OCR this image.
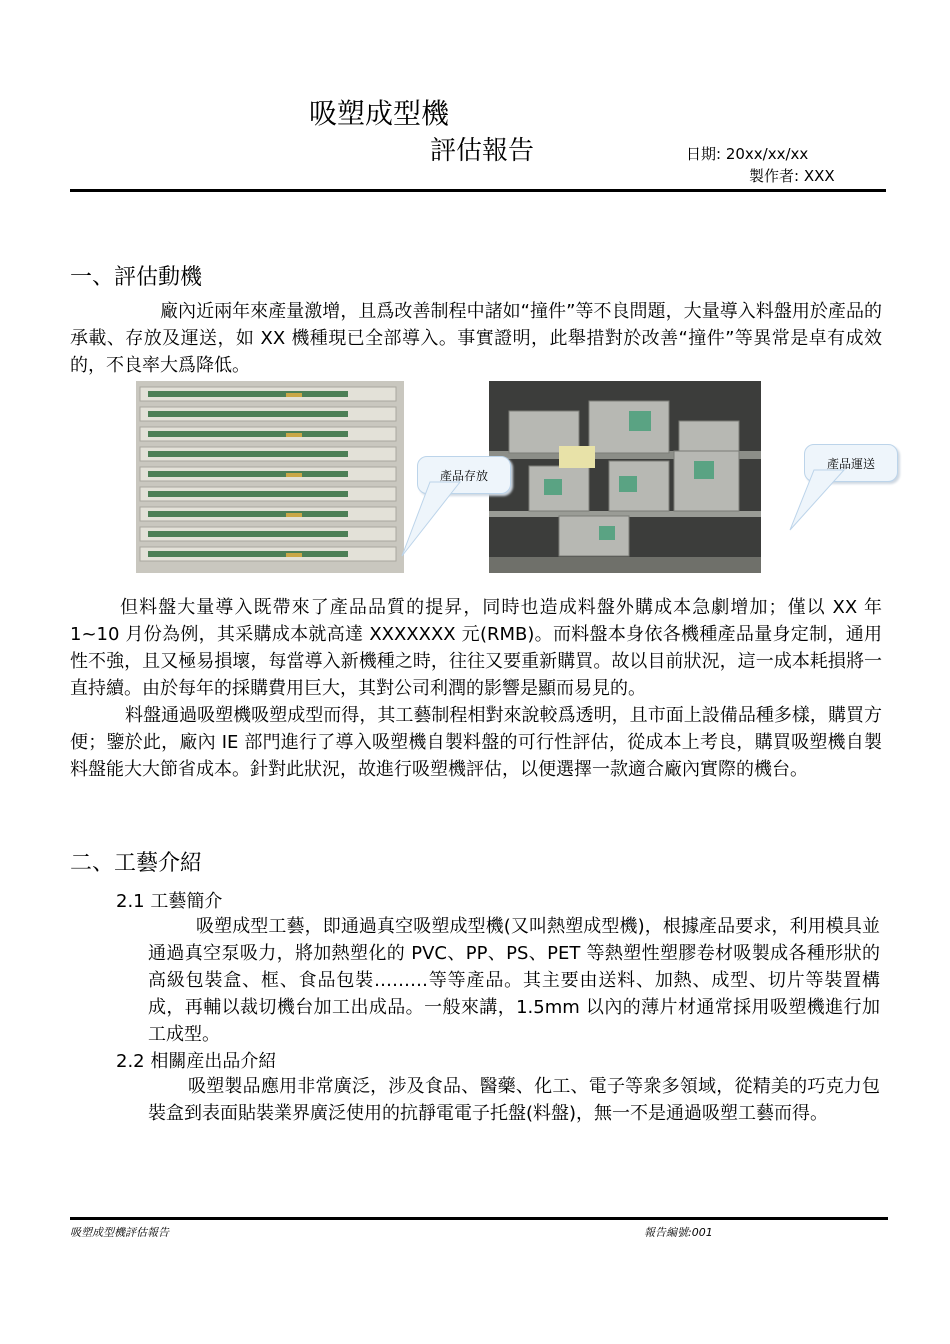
吸塑成型機
評估報告	日期: 20xx/xx/xx
製作者: XXX
一、評估動機

廠內近兩年來產量激增，且爲改善制程中諸如“撞件”等不良問題，大量導入料盤用於產品的承載、存放及運送，如 XX 機種現已全部導入。事實證明，此舉措對於改善“撞件”等異常是卓有成效的，不良率大爲降低。

產品存放
產品運送

但料盤大量導入既帶來了產品品質的提昇，同時也造成料盤外購成本急劇增加；僅以 XX 年 1~10 月份為例，其采購成本就高達 XXXXXXX 元(RMB)。而料盤本身依各機種產品量身定制，通用性不強，且又極易損壞，每當導入新機種之時，往往又要重新購買。故以目前狀況，這一成本耗損將一直持續。由於每年的採購費用巨大，其對公司利潤的影響是顯而易見的。

料盤通過吸塑機吸塑成型而得，其工藝制程相對來說較爲透明，且市面上設備品種多樣，購買方便；鑒於此，廠內 IE 部門進行了導入吸塑機自製料盤的可行性評估，從成本上考良，購買吸塑機自製料盤能大大節省成本。針對此狀況，故進行吸塑機評估，以便選擇一款適合廠內實際的機台。

二、工藝介紹
2.1 工藝簡介

吸塑成型工藝，即通過真空吸塑成型機(又叫熱塑成型機)，根據產品要求，利用模具並通過真空泵吸力，將加熱塑化的 PVC、PP、PS、PET 等熱塑性塑膠卷材吸製成各種形狀的高級包裝盒、框、食品包裝………等等產品。其主要由送料、加熱、成型、切片等裝置構成，再輔以裁切機台加工出成品。一般來講，1.5mm 以內的薄片材通常採用吸塑機進行加工成型。

2.2 相關産出品介紹

吸塑製品應用非常廣泛，涉及食品、醫藥、化工、電子等衆多領域，從精美的巧克力包裝盒到表面貼裝業界廣泛使用的抗靜電電子托盤(料盤)，無一不是通過吸塑工藝而得。

吸塑成型機評估報告	報告編號:001
